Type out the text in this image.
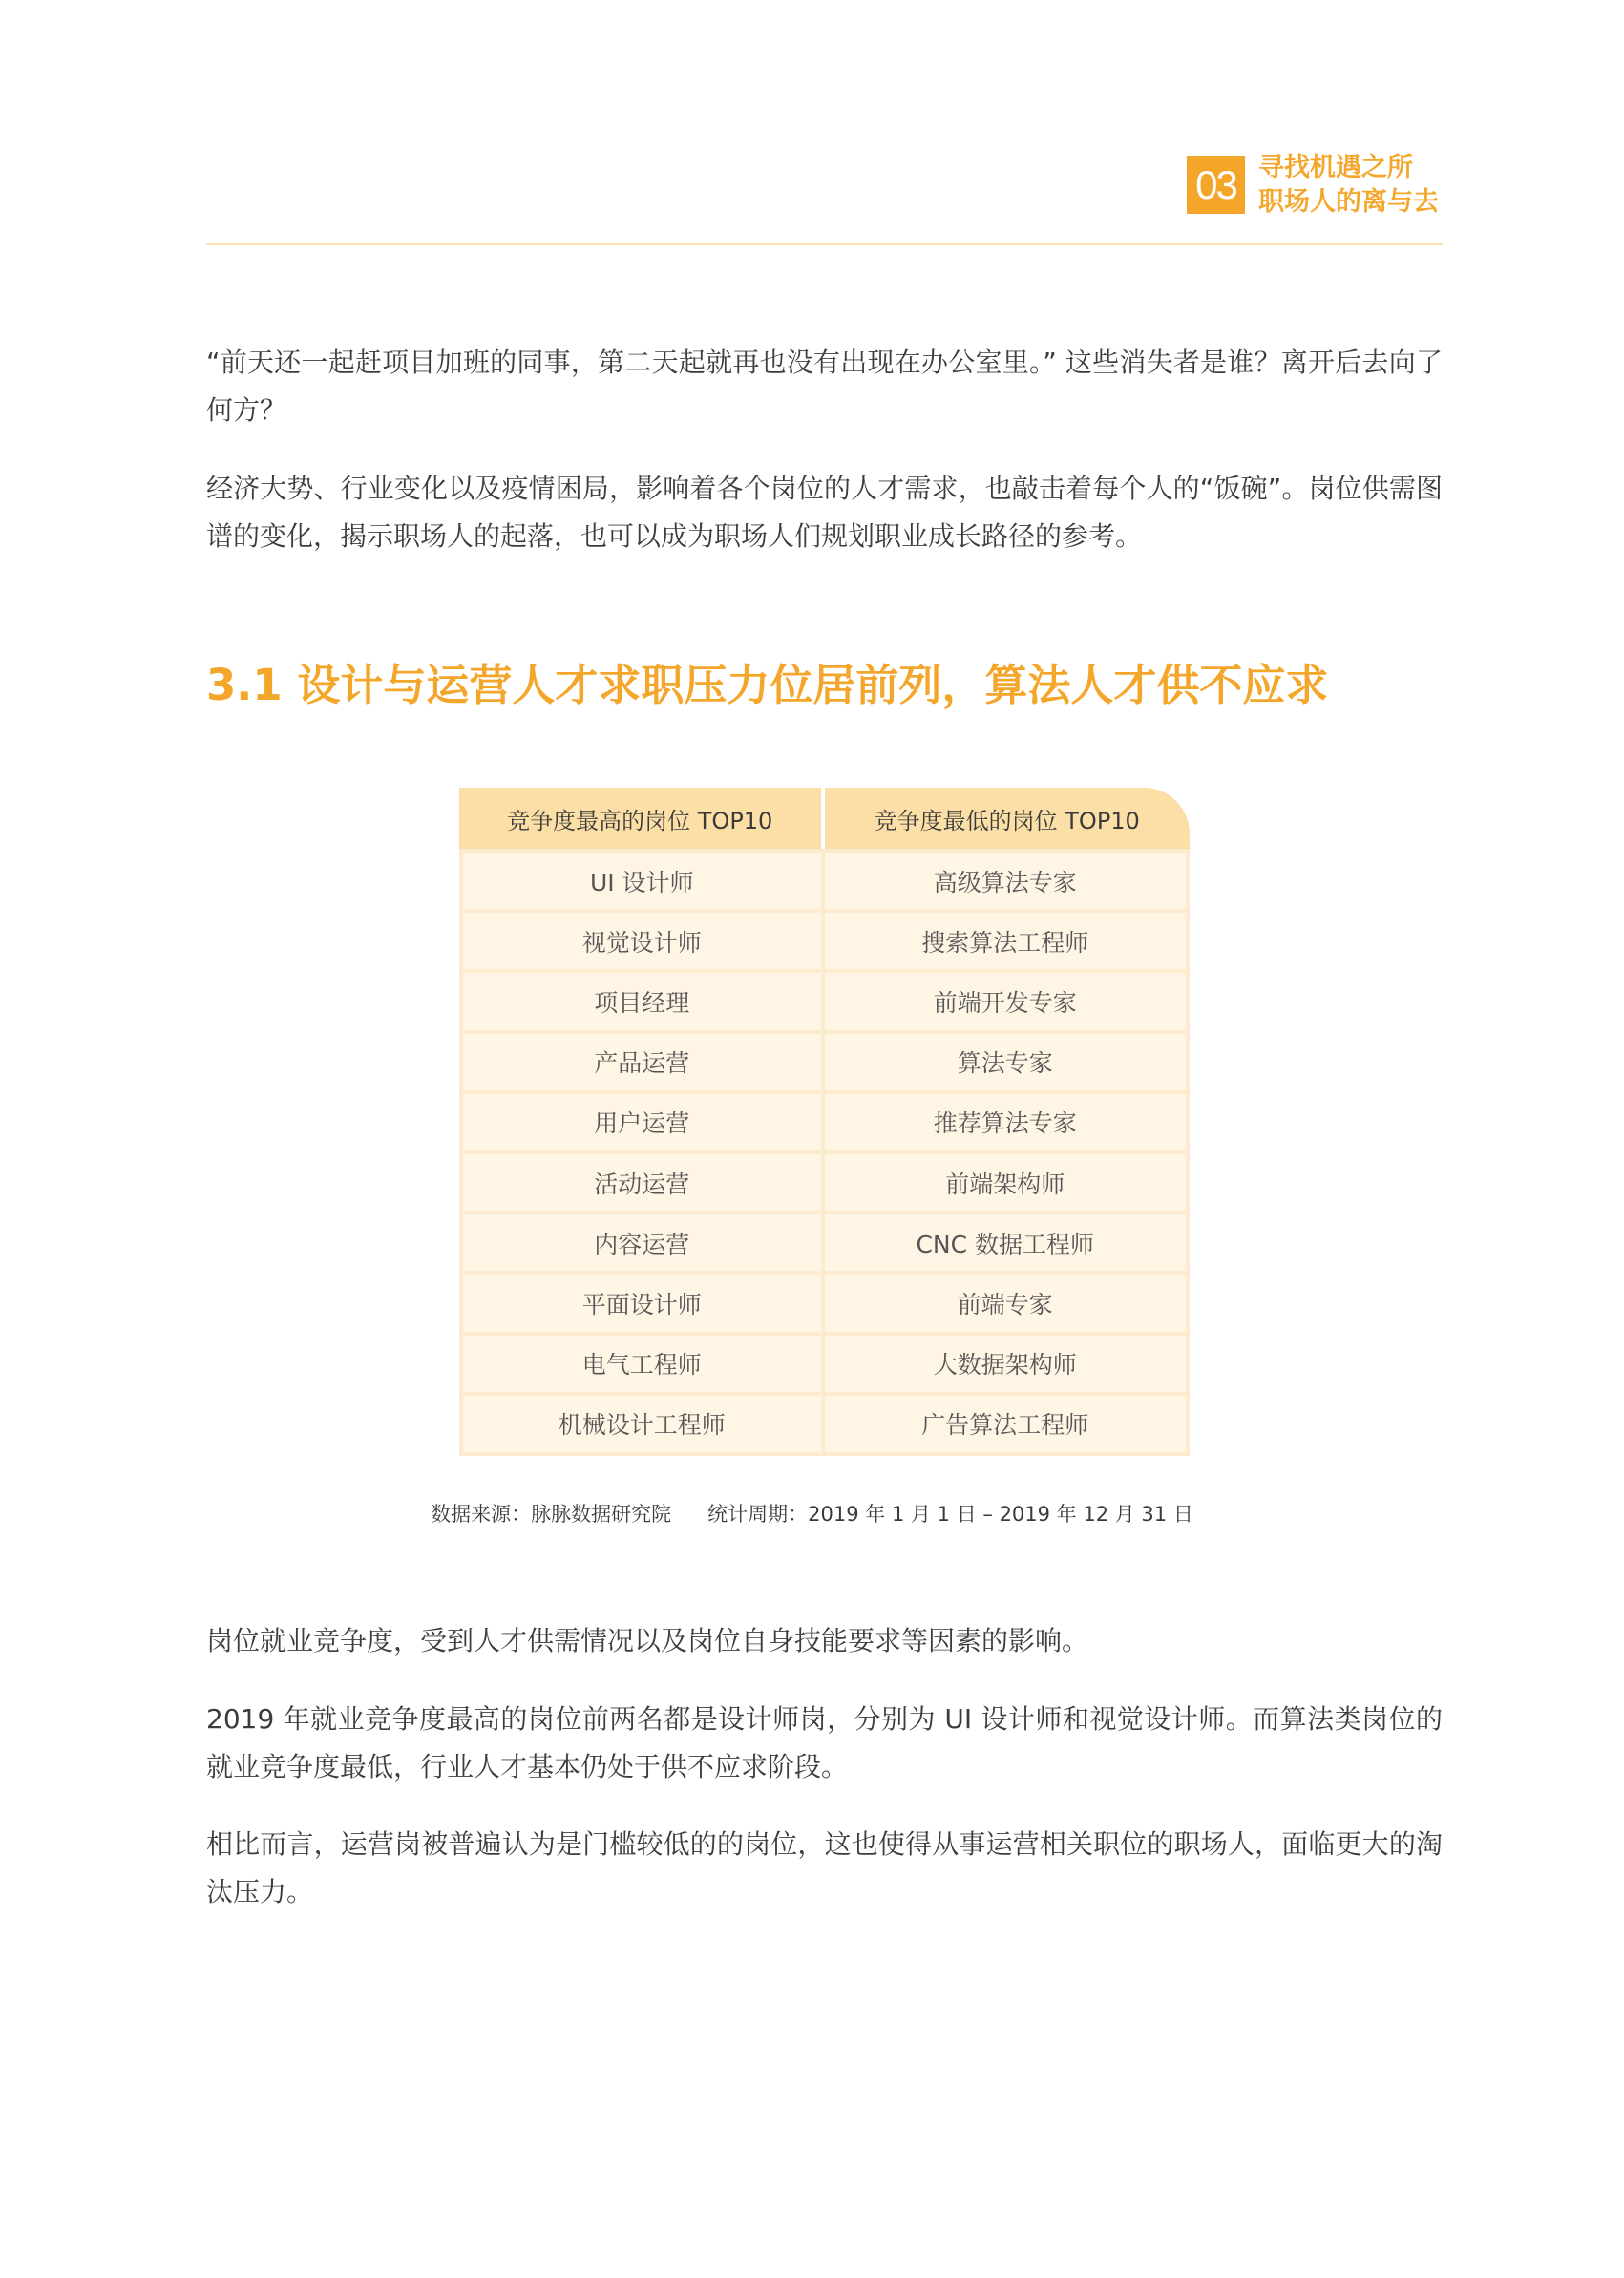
03 寻找机遇之所
职场人的离与去

“前天还一起赶项目加班的同事，第二天起就再也没有出现在办公室里。” 这些消失者是谁？离开后去向了何方？

经济大势、行业变化以及疫情困局，影响着各个岗位的人才需求，也敲击着每个人的“饭碗”。岗位供需图谱的变化，揭示职场人的起落，也可以成为职场人们规划职业成长路径的参考。

3.1 设计与运营人才求职压力位居前列，算法人才供不应求
竞争度最高的岗位 TOP10	竞争度最低的岗位 TOP10
UI 设计师	高级算法专家
视觉设计师	搜索算法工程师
项目经理	前端开发专家
产品运营	算法专家
用户运营	推荐算法专家
活动运营	前端架构师
内容运营	CNC 数据工程师
平面设计师	前端专家
电气工程师	大数据架构师
机械设计工程师	广告算法工程师
数据来源：脉脉数据研究院 统计周期：2019 年 1 月 1 日 – 2019 年 12 月 31 日

岗位就业竞争度，受到人才供需情况以及岗位自身技能要求等因素的影响。

2019 年就业竞争度最高的岗位前两名都是设计师岗，分别为 UI 设计师和视觉设计师。而算法类岗位的就业竞争度最低，行业人才基本仍处于供不应求阶段。

相比而言，运营岗被普遍认为是门槛较低的的岗位，这也使得从事运营相关职位的职场人，面临更大的淘汰压力。
